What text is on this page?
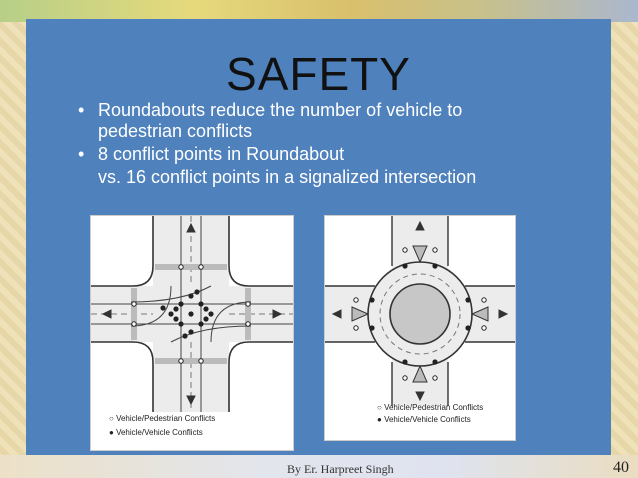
SAFETY
• Roundabouts reduce the number of vehicle to
pedestrian conflicts
• 8 conflict points in Roundabout
vs. 16 conflict points in a signalized intersection
○ Vehicle/Pedestrian Conflicts
● Vehicle/Vehicle Conflicts
○ Vehicle/Pedestrian Conflicts
● Vehicle/Vehicle Conflicts
By Er. Harpreet Singh	40
